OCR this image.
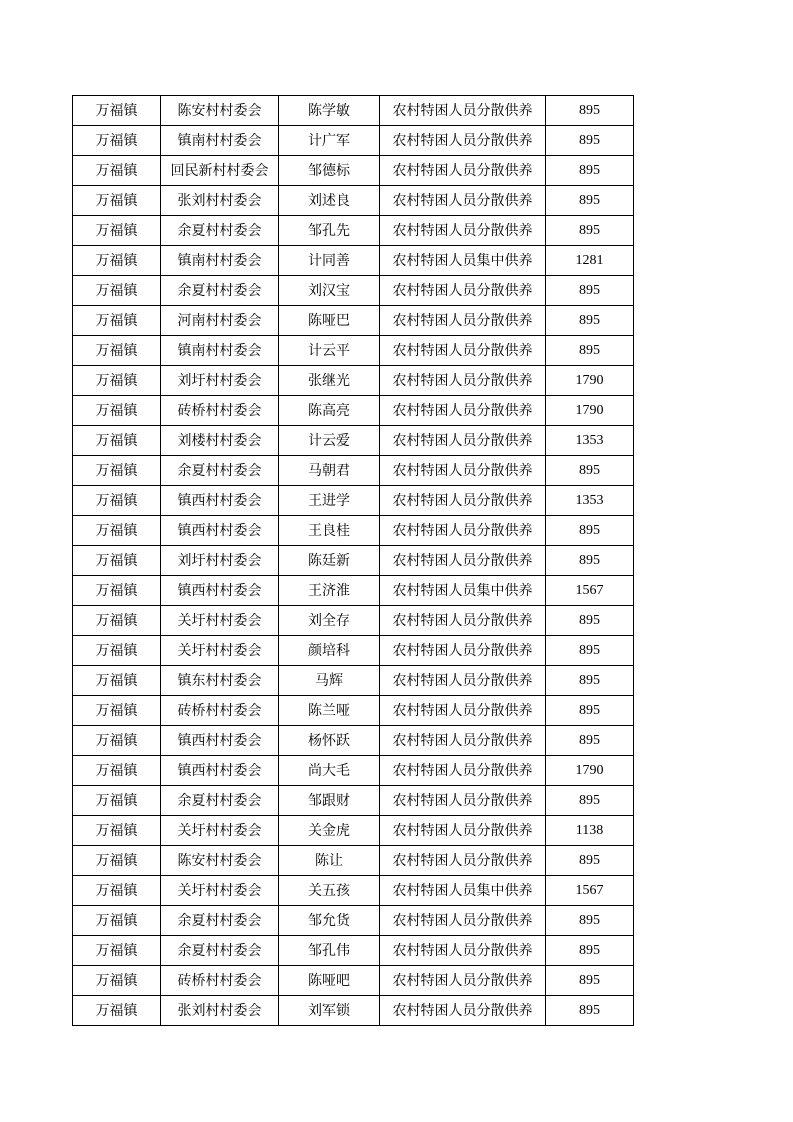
万福镇	陈安村村委会	陈学敏	农村特困人员分散供养	895
万福镇	镇南村村委会	计广军	农村特困人员分散供养	895
万福镇	回民新村村委会	邹德标	农村特困人员分散供养	895
万福镇	张刘村村委会	刘述良	农村特困人员分散供养	895
万福镇	余夏村村委会	邹孔先	农村特困人员分散供养	895
万福镇	镇南村村委会	计同善	农村特困人员集中供养	1281
万福镇	余夏村村委会	刘汉宝	农村特困人员分散供养	895
万福镇	河南村村委会	陈哑巴	农村特困人员分散供养	895
万福镇	镇南村村委会	计云平	农村特困人员分散供养	895
万福镇	刘圩村村委会	张继光	农村特困人员分散供养	1790
万福镇	砖桥村村委会	陈高亮	农村特困人员分散供养	1790
万福镇	刘楼村村委会	计云爱	农村特困人员分散供养	1353
万福镇	余夏村村委会	马朝君	农村特困人员分散供养	895
万福镇	镇西村村委会	王进学	农村特困人员分散供养	1353
万福镇	镇西村村委会	王良桂	农村特困人员分散供养	895
万福镇	刘圩村村委会	陈廷新	农村特困人员分散供养	895
万福镇	镇西村村委会	王济淮	农村特困人员集中供养	1567
万福镇	关圩村村委会	刘全存	农村特困人员分散供养	895
万福镇	关圩村村委会	颜培科	农村特困人员分散供养	895
万福镇	镇东村村委会	马辉	农村特困人员分散供养	895
万福镇	砖桥村村委会	陈兰哑	农村特困人员分散供养	895
万福镇	镇西村村委会	杨怀跃	农村特困人员分散供养	895
万福镇	镇西村村委会	尚大毛	农村特困人员分散供养	1790
万福镇	余夏村村委会	邹跟财	农村特困人员分散供养	895
万福镇	关圩村村委会	关金虎	农村特困人员分散供养	1138
万福镇	陈安村村委会	陈让	农村特困人员分散供养	895
万福镇	关圩村村委会	关五孩	农村特困人员集中供养	1567
万福镇	余夏村村委会	邹允货	农村特困人员分散供养	895
万福镇	余夏村村委会	邹孔伟	农村特困人员分散供养	895
万福镇	砖桥村村委会	陈哑吧	农村特困人员分散供养	895
万福镇	张刘村村委会	刘军锁	农村特困人员分散供养	895
